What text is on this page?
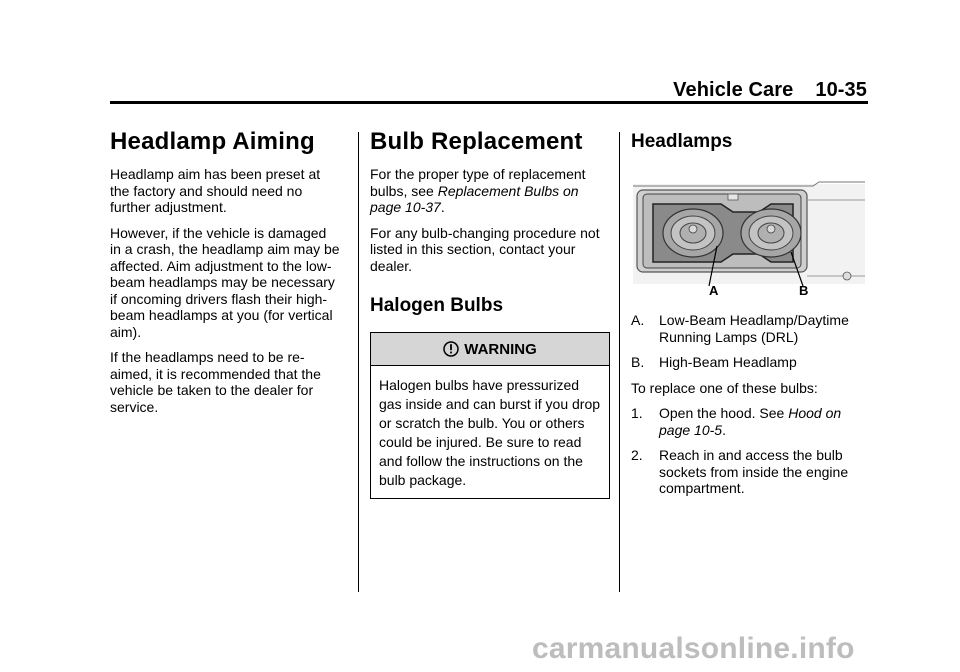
Vehicle Care 10-35
Headlamp Aiming

Headlamp aim has been preset at the factory and should need no further adjustment.

However, if the vehicle is damaged in a crash, the headlamp aim may be affected. Aim adjustment to the low-beam headlamps may be necessary if oncoming drivers flash their high-beam headlamps at you (for vertical aim).

If the headlamps need to be re-aimed, it is recommended that the vehicle be taken to the dealer for service.

Bulb Replacement

For the proper type of replacement bulbs, see Replacement Bulbs on page 10-37.

For any bulb-changing procedure not listed in this section, contact your dealer.

Halogen Bulbs
WARNING
Halogen bulbs have pressurized gas inside and can burst if you drop or scratch the bulb. You or others could be injured. Be sure to read and follow the instructions on the bulb package.
Headlamps
A	B
A. Low-Beam Headlamp/Daytime Running Lamps (DRL)
B. High-Beam Headlamp

To replace one of these bulbs:

1. Open the hood. See Hood on page 10-5.
2. Reach in and access the bulb sockets from inside the engine compartment.
carmanualsonline.info
